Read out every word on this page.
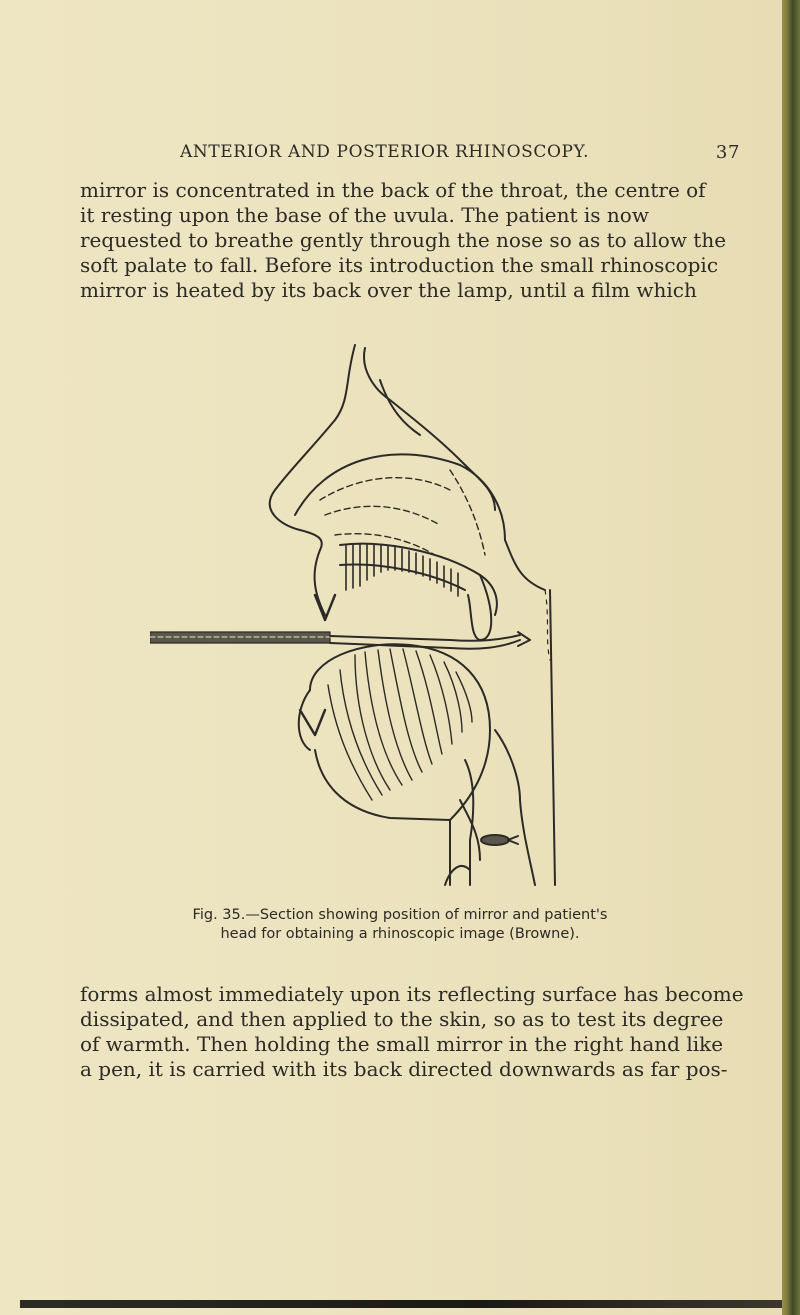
ANTERIOR AND POSTERIOR RHINOSCOPY.	37

mirror is concentrated in the back of the throat, the centre of
it resting upon the base of the uvula. The patient is now
requested to breathe gently through the nose so as to allow the
soft palate to fall. Before its introduction the small rhinoscopic
mirror is heated by its back over the lamp, until a film which

Fig. 35.—Section showing position of mirror and patient's
head for obtaining a rhinoscopic image (Browne).

forms almost immediately upon its reflecting surface has become
dissipated, and then applied to the skin, so as to test its degree
of warmth. Then holding the small mirror in the right hand like
a pen, it is carried with its back directed downwards as far pos-
